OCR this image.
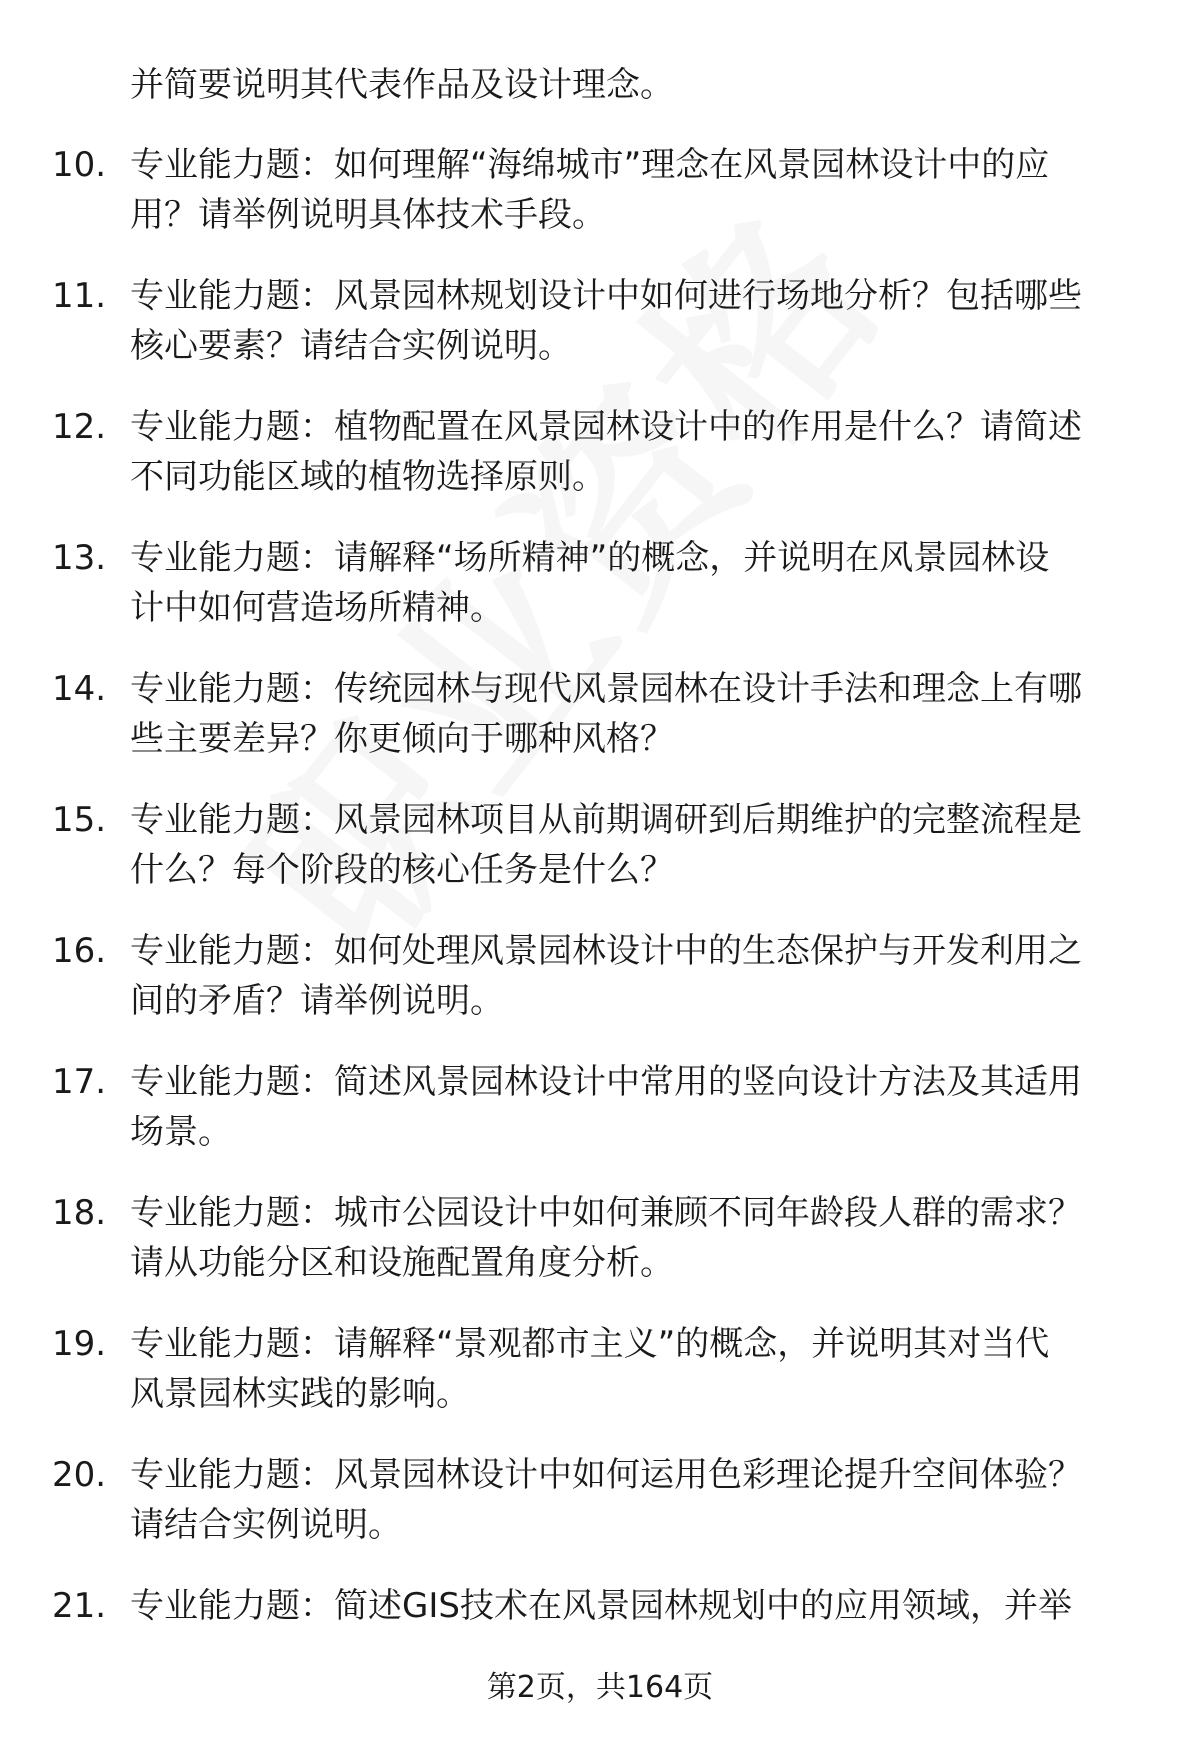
并简要说明其代表作品及设计理念。
10. 专业能力题：如何理解“海绵城市”理念在风景园林设计中的应
用？请举例说明具体技术手段。
11. 专业能力题：风景园林规划设计中如何进行场地分析？包括哪些
核心要素？请结合实例说明。
12. 专业能力题：植物配置在风景园林设计中的作用是什么？请简述
不同功能区域的植物选择原则。
13. 专业能力题：请解释“场所精神”的概念，并说明在风景园林设
计中如何营造场所精神。
14. 专业能力题：传统园林与现代风景园林在设计手法和理念上有哪
些主要差异？你更倾向于哪种风格？
15. 专业能力题：风景园林项目从前期调研到后期维护的完整流程是
什么？每个阶段的核心任务是什么？
16. 专业能力题：如何处理风景园林设计中的生态保护与开发利用之
间的矛盾？请举例说明。
17. 专业能力题：简述风景园林设计中常用的竖向设计方法及其适用
场景。
18. 专业能力题：城市公园设计中如何兼顾不同年龄段人群的需求？
请从功能分区和设施配置角度分析。
19. 专业能力题：请解释“景观都市主义”的概念，并说明其对当代
风景园林实践的影响。
20. 专业能力题：风景园林设计中如何运用色彩理论提升空间体验？
请结合实例说明。
21. 专业能力题：简述GIS技术在风景园林规划中的应用领域，并举
第2页，共164页
